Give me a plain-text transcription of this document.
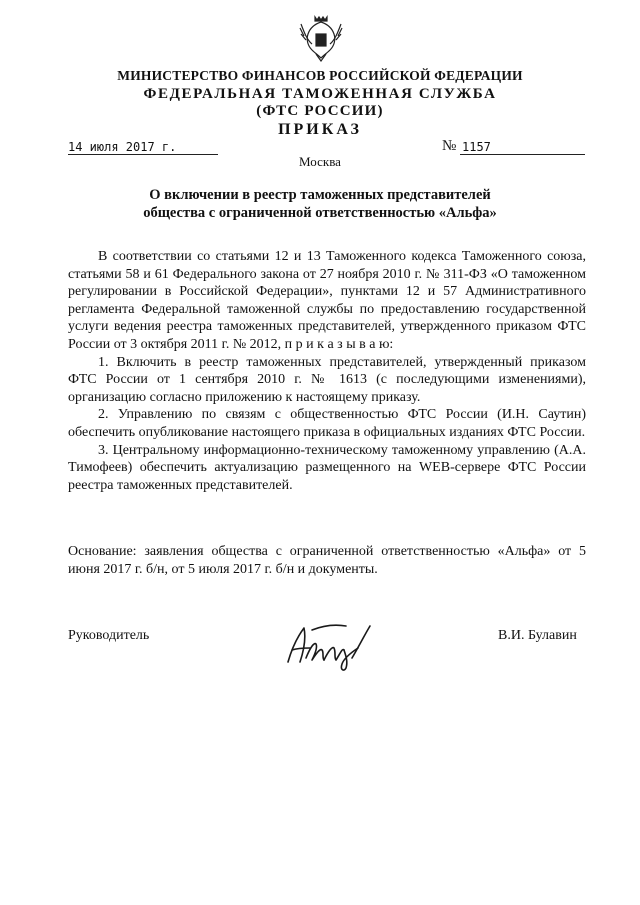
МИНИСТЕРСТВО ФИНАНСОВ РОССИЙСКОЙ ФЕДЕРАЦИИ
ФЕДЕРАЛЬНАЯ ТАМОЖЕННАЯ СЛУЖБА
(ФТС РОССИИ)
ПРИКАЗ
14 июля 2017 г.	№ 1157
Москва
О включении в реестр таможенных представителей
общества с ограниченной ответственностью «Альфа»

В соответствии со статьями 12 и 13 Таможенного кодекса Таможенного союза, статьями 58 и 61 Федерального закона от 27 ноября 2010 г. № 311-ФЗ «О таможенном регулировании в Российской Федерации», пунктами 12 и 57 Административного регламента Федеральной таможенной службы по предоставлению государственной услуги ведения реестра таможенных представителей, утвержденного приказом ФТС России от 3 октября 2011 г. № 2012, п р и к а з ы в а ю:

1. Включить в реестр таможенных представителей, утвержденный приказом ФТС России от 1 сентября 2010 г. № 1613 (с последующими изменениями), организацию согласно приложению к настоящему приказу.

2. Управлению по связям с общественностью ФТС России (И.Н. Саутин) обеспечить опубликование настоящего приказа в официальных изданиях ФТС России.

3. Центральному информационно-техническому таможенному управлению (А.А. Тимофеев) обеспечить актуализацию размещенного на WEB-сервере ФТС России реестра таможенных представителей.

Основание: заявления общества с ограниченной ответственностью «Альфа» от 5 июня 2017 г. б/н, от 5 июля 2017 г. б/н и документы.

Руководитель	В.И. Булавин
